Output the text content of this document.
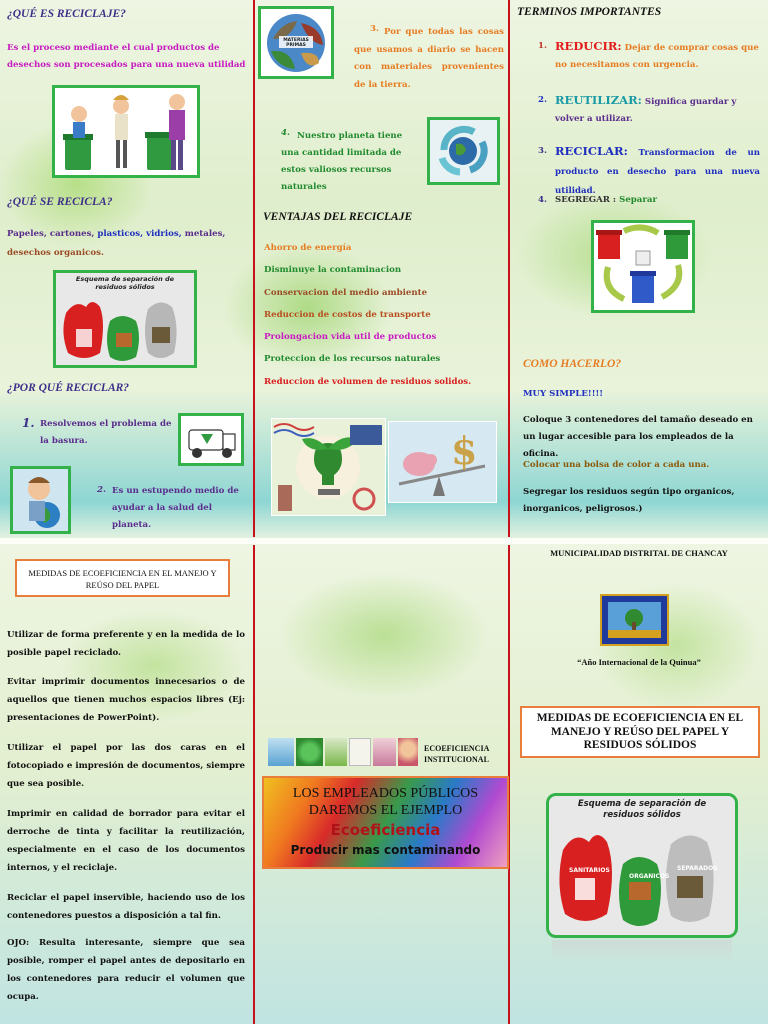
¿QUÉ ES RECICLAJE?
Es el proceso mediante el cual productos de desechos son procesados para una nueva utilidad
¿QUÉ SE RECICLA?
Papeles, cartones, plasticos, vidrios, metales, desechos organicos.
Esquema de separación de residuos sólidos
¿POR QUÉ RECICLAR?
1. Resolvemos el problema de la basura.
2. Es un estupendo medio de ayudar a la salud del planeta.
MATERIAS PRIMAS
3. Por que todas las cosas que usamos a diario se hacen con materiales provenientes de la tierra.
4. Nuestro planeta tiene una cantidad limitada de estos valiosos recursos naturales
VENTAJAS DEL RECICLAJE
Ahorro de energía
Disminuye la contaminacion
Conservacion del medio ambiente
Reduccion de costos de transporte
Prolongacion vida util de productos
Proteccion de los recursos naturales
Reduccion de volumen de residuos solidos.
$
TERMINOS IMPORTANTES
1. REDUCIR: Dejar de comprar cosas que no necesitamos con urgencia.
2. REUTILIZAR: Significa guardar y volver a utilizar.
3. RECICLAR: Transformacion de un producto en desecho para una nueva utilidad.
4. SEGREGAR : Separar
COMO HACERLO?
MUY SIMPLE!!!!
Coloque 3 contenedores del tamaño deseado en un lugar accesible para los empleados de la oficina.
Colocar una bolsa de color a cada una.
Segregar los residuos según tipo organicos, inorganicos, peligrosos.)
MEDIDAS DE ECOEFICIENCIA EN EL MANEJO Y REÚSO DEL PAPEL
Utilizar de forma preferente y en la medida de lo posible papel reciclado.
Evitar imprimir documentos innecesarios o de aquellos que tienen muchos espacios libres (Ej: presentaciones de PowerPoint).
Utilizar el papel por las dos caras en el fotocopiado e impresión de documentos, siempre que sea posible.
Imprimir en calidad de borrador para evitar el derroche de tinta y facilitar la reutilización, especialmente en el caso de los documentos internos, y el reciclaje.
Reciclar el papel inservible, haciendo uso de los contenedores puestos a disposición a tal fin.
OJO: Resulta interesante, siempre que sea posible, romper el papel antes de depositarlo en los contenedores para reducir el volumen que ocupa.
ECOEFICIENCIA INSTITUCIONAL
LOS EMPLEADOS PÚBLICOS
DAREMOS EL EJEMPLO
Ecoeficiencia
Producir mas contaminando
MUNICIPALIDAD DISTRITAL DE CHANCAY
“Año Internacional de la Quinua”
MEDIDAS DE ECOEFICIENCIA EN EL MANEJO Y REÚSO DEL PAPEL Y RESIDUOS SÓLIDOS
Esquema de separación de residuos sólidos
SANITARIOS
ORGANICOS
SEPARADOS
